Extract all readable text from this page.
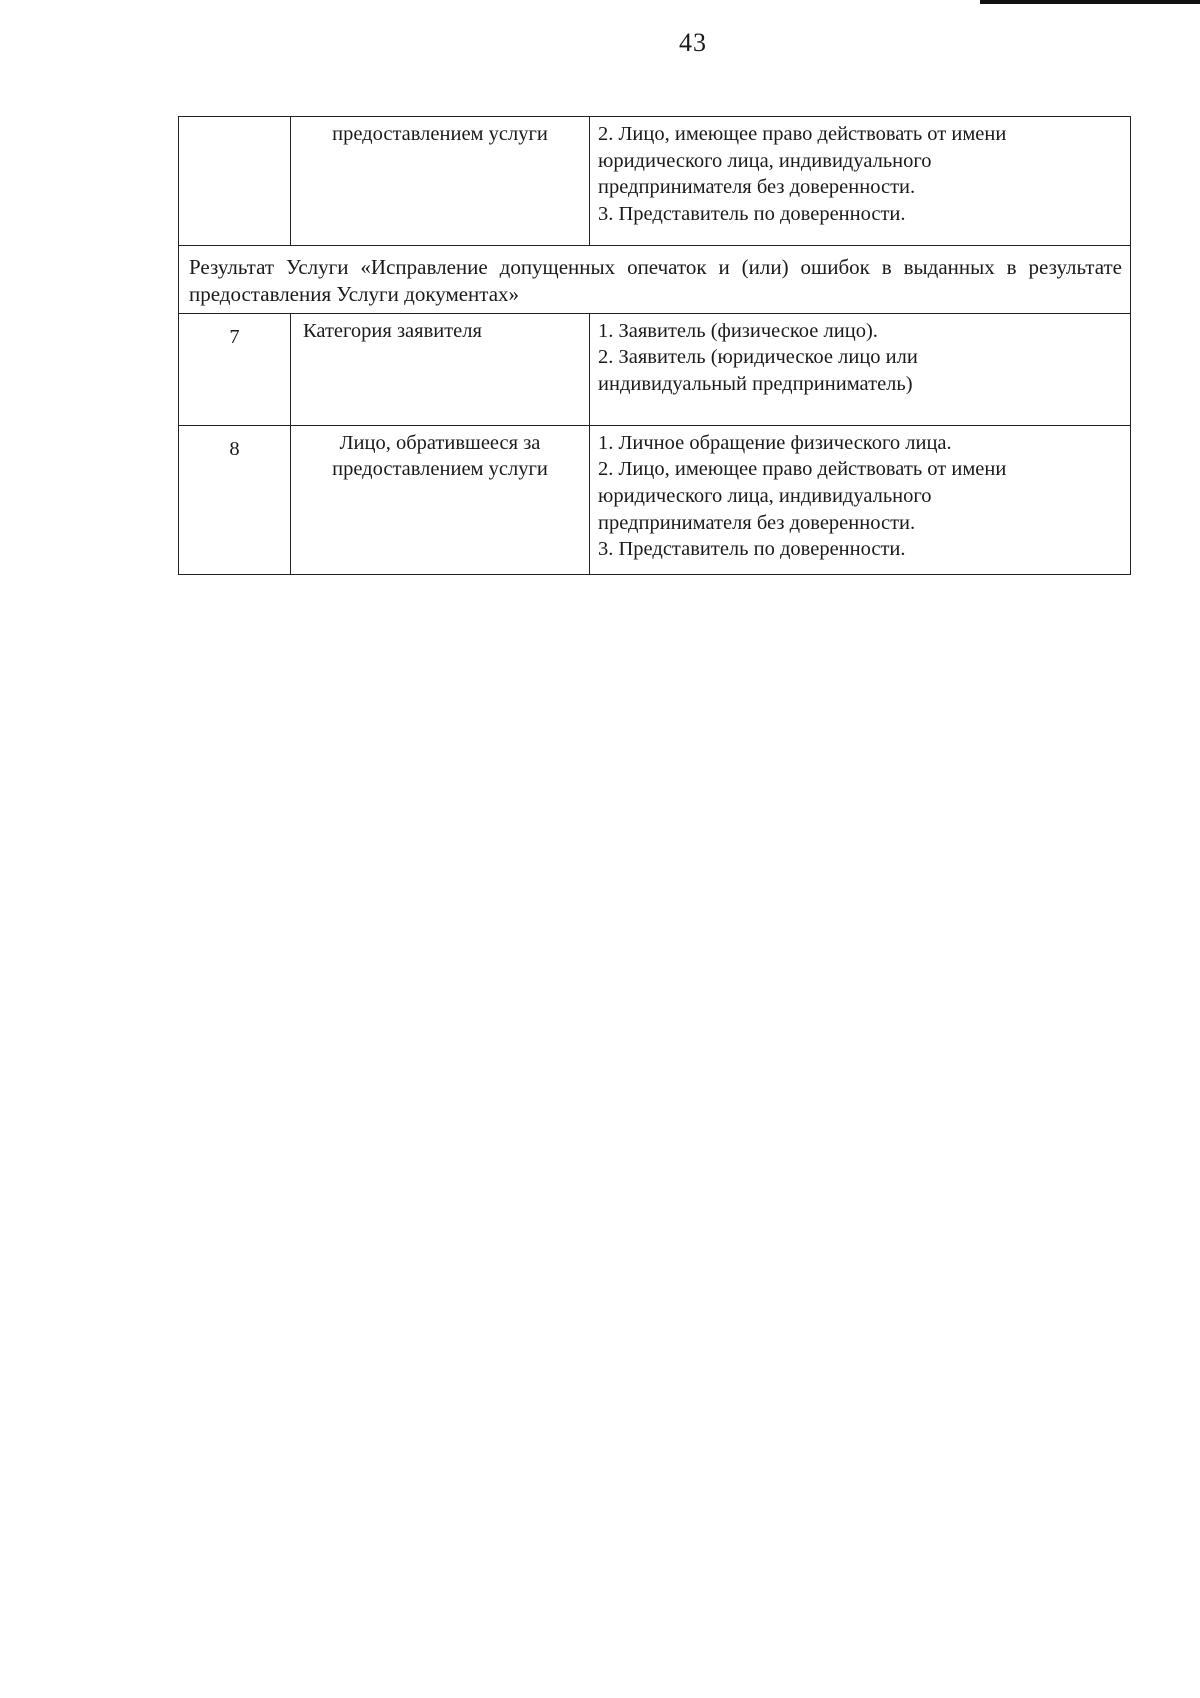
43
	предоставлением услуги	2. Лицо, имеющее право действовать от имени
юридического лица, индивидуального
предпринимателя без доверенности.
3. Представитель по доверенности.

Результат Услуги «Исправление допущенных опечаток и (или) ошибок в выданных в результате предоставления Услуги документах»		
7	Категория заявителя	1. Заявитель (физическое лицо).
2. Заявитель (юридическое лицо или
индивидуальный предприниматель)

8	Лицо, обратившееся за предоставлением услуги	1. Личное обращение физического лица.
2. Лицо, имеющее право действовать от имени
юридического лица, индивидуального
предпринимателя без доверенности.
3. Представитель по доверенности.
